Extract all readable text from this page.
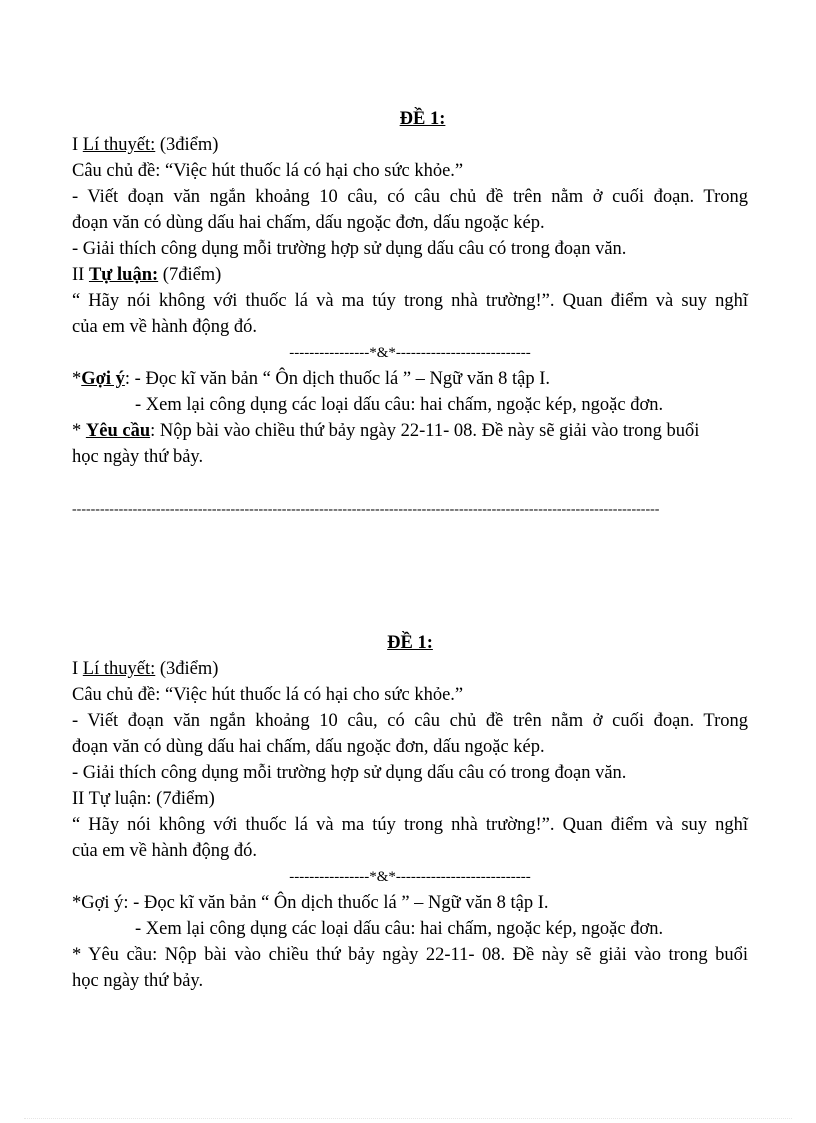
ĐỀ 1:
I Lí thuyết: (3điểm)
Câu chủ đề: “Việc hút thuốc lá có hại cho sức khỏe.”
- Viết đoạn văn ngắn khoảng 10 câu, có câu chủ đề trên nằm ở cuối đoạn. Trong
đoạn văn có dùng dấu hai chấm, dấu ngoặc đơn, dấu ngoặc kép.
- Giải thích công dụng mỗi trường hợp sử dụng dấu câu có trong đoạn văn.
II Tự luận: (7điểm)
“ Hãy nói không với thuốc lá và ma túy trong nhà trường!”. Quan điểm và suy nghĩ
của em về hành động đó.
----------------*&*---------------------------
*Gợi ý: - Đọc kĩ văn bản “ Ôn dịch thuốc lá ” – Ngữ văn 8 tập I.
- Xem lại công dụng các loại dấu câu: hai chấm, ngoặc kép, ngoặc đơn.
* Yêu cầu: Nộp bài vào chiều thứ bảy ngày 22-11- 08. Đề này sẽ giải vào trong buổi
học ngày thứ bảy.
------------------------------------------------------------------------------------------------------------------------------
ĐỀ 1:
I Lí thuyết: (3điểm)
Câu chủ đề: “Việc hút thuốc lá có hại cho sức khỏe.”
- Viết đoạn văn ngắn khoảng 10 câu, có câu chủ đề trên nằm ở cuối đoạn. Trong
đoạn văn có dùng dấu hai chấm, dấu ngoặc đơn, dấu ngoặc kép.
- Giải thích công dụng mỗi trường hợp sử dụng dấu câu có trong đoạn văn.
II Tự luận: (7điểm)
“ Hãy nói không với thuốc lá và ma túy trong nhà trường!”. Quan điểm và suy nghĩ
của em về hành động đó.
----------------*&*---------------------------
*Gợi ý: - Đọc kĩ văn bản “ Ôn dịch thuốc lá ” – Ngữ văn 8 tập I.
- Xem lại công dụng các loại dấu câu: hai chấm, ngoặc kép, ngoặc đơn.
* Yêu cầu: Nộp bài vào chiều thứ bảy ngày 22-11- 08. Đề này sẽ giải vào trong buổi
học ngày thứ bảy.
